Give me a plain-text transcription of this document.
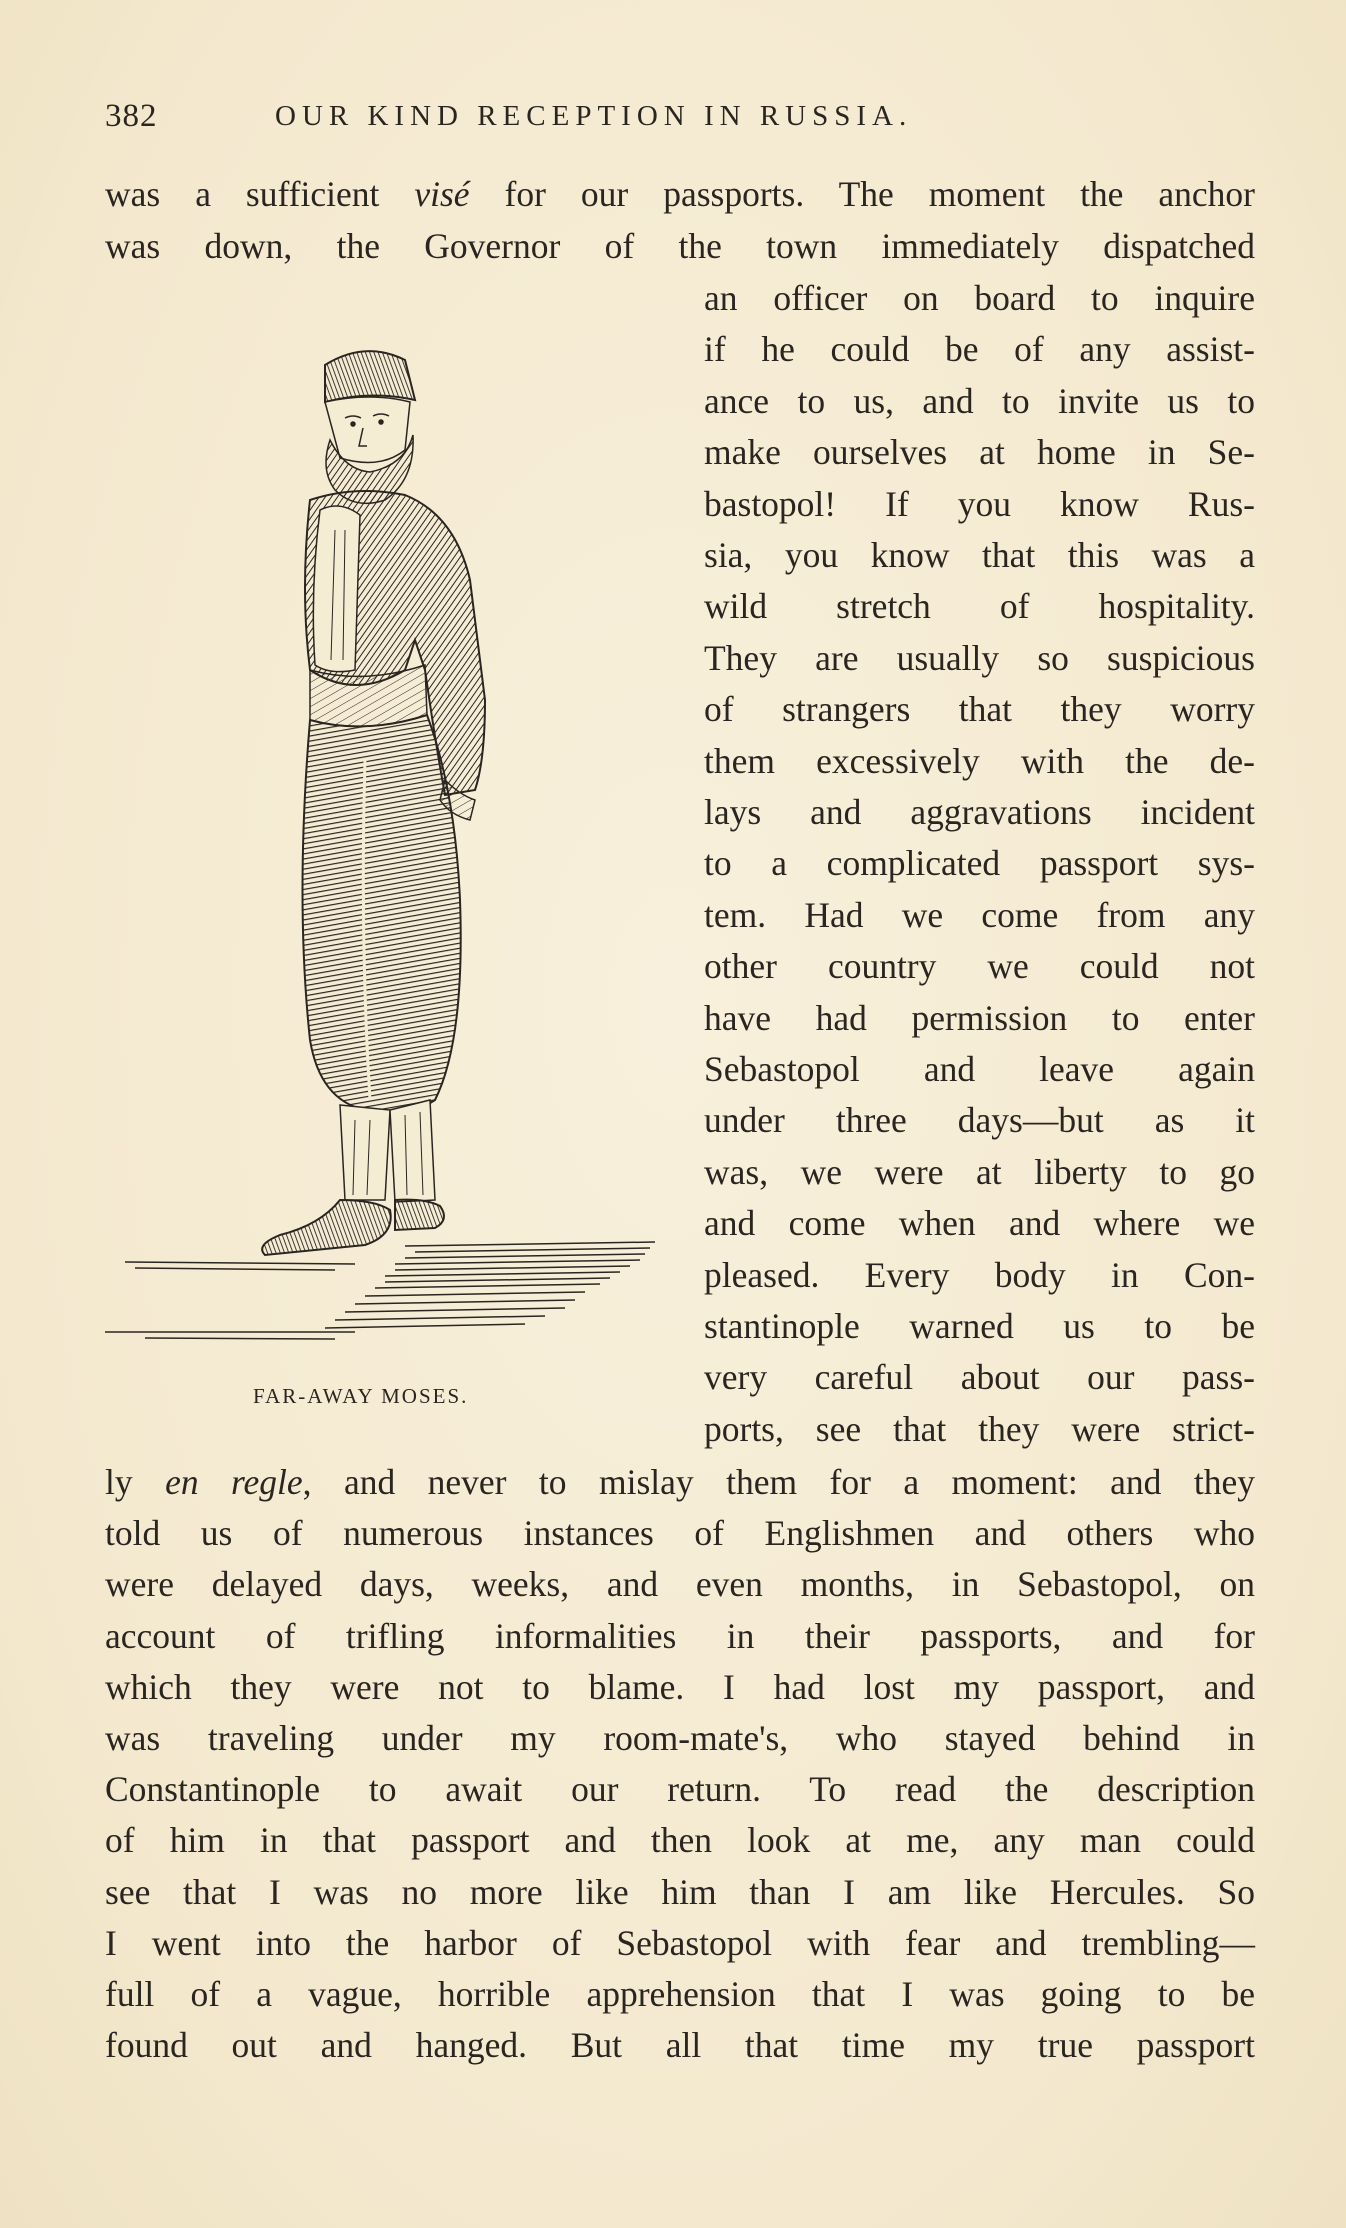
382	OUR KIND RECEPTION IN RUSSIA.
was a sufficient visé for our passports. The moment the anchor
was down, the Governor of the town immediately dispatched
an officer on board to inquire
if he could be of any assist-
ance to us, and to invite us to
make ourselves at home in Se-
bastopol! If you know Rus-
sia, you know that this was a
wild stretch of hospitality.
They are usually so suspicious
of strangers that they worry
them excessively with the de-
lays and aggravations incident
to a complicated passport sys-
tem. Had we come from any
other country we could not
have had permission to enter
Sebastopol and leave again
under three days—but as it
was, we were at liberty to go
and come when and where we
pleased. Every body in Con-
stantinople warned us to be
very careful about our pass-
ports, see that they were strict-
FAR-AWAY MOSES.
ly en regle, and never to mislay them for a moment: and they
told us of numerous instances of Englishmen and others who
were delayed days, weeks, and even months, in Sebastopol, on
account of trifling informalities in their passports, and for
which they were not to blame. I had lost my passport, and
was traveling under my room-mate's, who stayed behind in
Constantinople to await our return. To read the description
of him in that passport and then look at me, any man could
see that I was no more like him than I am like Hercules. So
I went into the harbor of Sebastopol with fear and trembling—
full of a vague, horrible apprehension that I was going to be
found out and hanged. But all that time my true passport
